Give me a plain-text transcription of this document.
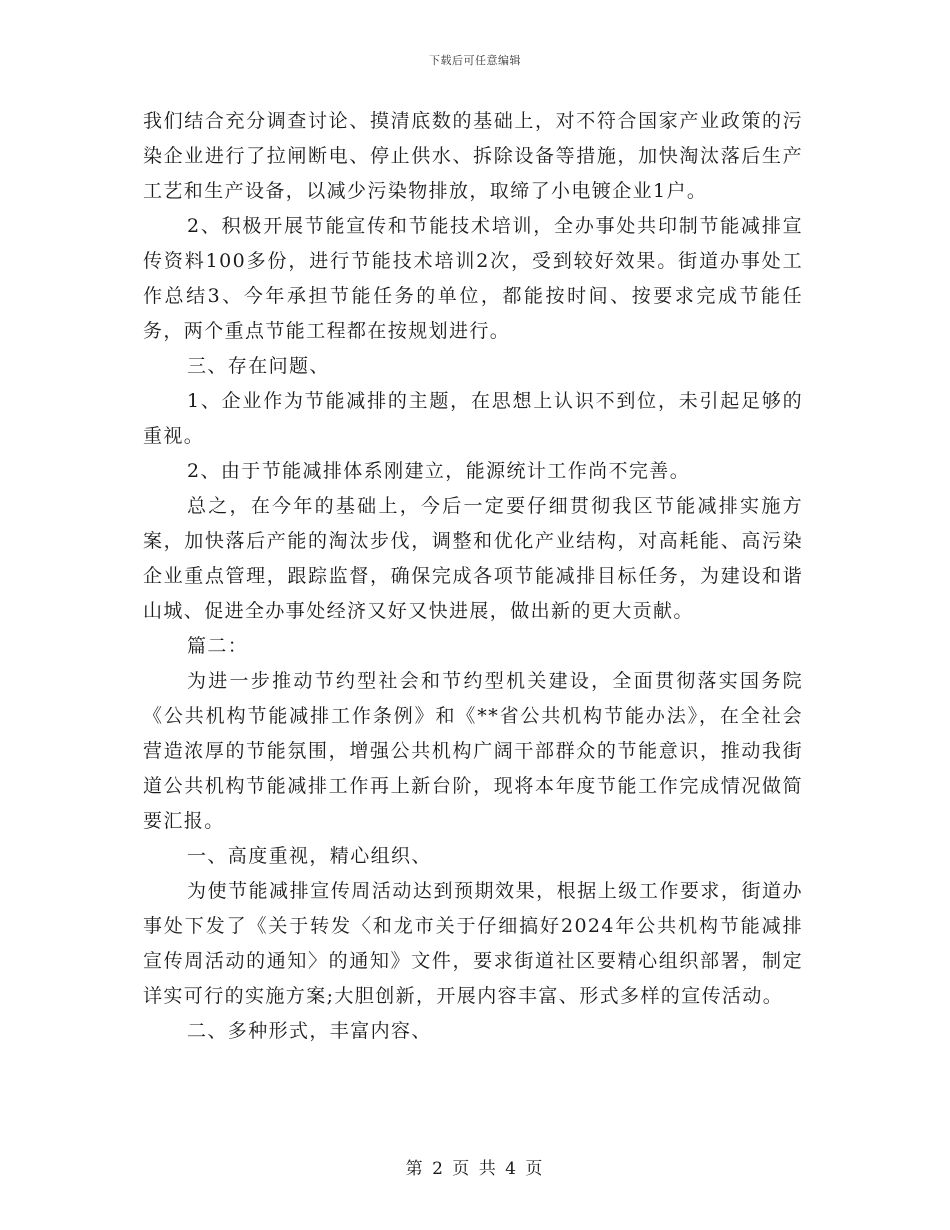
下载后可任意编辑

我们结合充分调查讨论、摸清底数的基础上，对不符合国家产业政策的污染企业进行了拉闸断电、停止供水、拆除设备等措施，加快淘汰落后生产工艺和生产设备，以减少污染物排放，取缔了小电镀企业1户。

2、积极开展节能宣传和节能技术培训，全办事处共印制节能减排宣传资料100多份，进行节能技术培训2次，受到较好效果。街道办事处工作总结3、今年承担节能任务的单位，都能按时间、按要求完成节能任务，两个重点节能工程都在按规划进行。

三、存在问题、

1、企业作为节能减排的主题，在思想上认识不到位，未引起足够的重视。

2、由于节能减排体系刚建立，能源统计工作尚不完善。

总之，在今年的基础上，今后一定要仔细贯彻我区节能减排实施方案，加快落后产能的淘汰步伐，调整和优化产业结构，对高耗能、高污染企业重点管理，跟踪监督，确保完成各项节能减排目标任务，为建设和谐山城、促进全办事处经济又好又快进展，做出新的更大贡献。

篇二：

为进一步推动节约型社会和节约型机关建设，全面贯彻落实国务院《公共机构节能减排工作条例》和《**省公共机构节能办法》，在全社会营造浓厚的节能氛围，增强公共机构广阔干部群众的节能意识，推动我街道公共机构节能减排工作再上新台阶，现将本年度节能工作完成情况做简要汇报。

一、高度重视，精心组织、

为使节能减排宣传周活动达到预期效果，根据上级工作要求，街道办事处下发了《关于转发〈和龙市关于仔细搞好2024年公共机构节能减排宣传周活动的通知〉的通知》文件，要求街道社区要精心组织部署，制定详实可行的实施方案;大胆创新，开展内容丰富、形式多样的宣传活动。

二、多种形式，丰富内容、

第 2 页 共 4 页
